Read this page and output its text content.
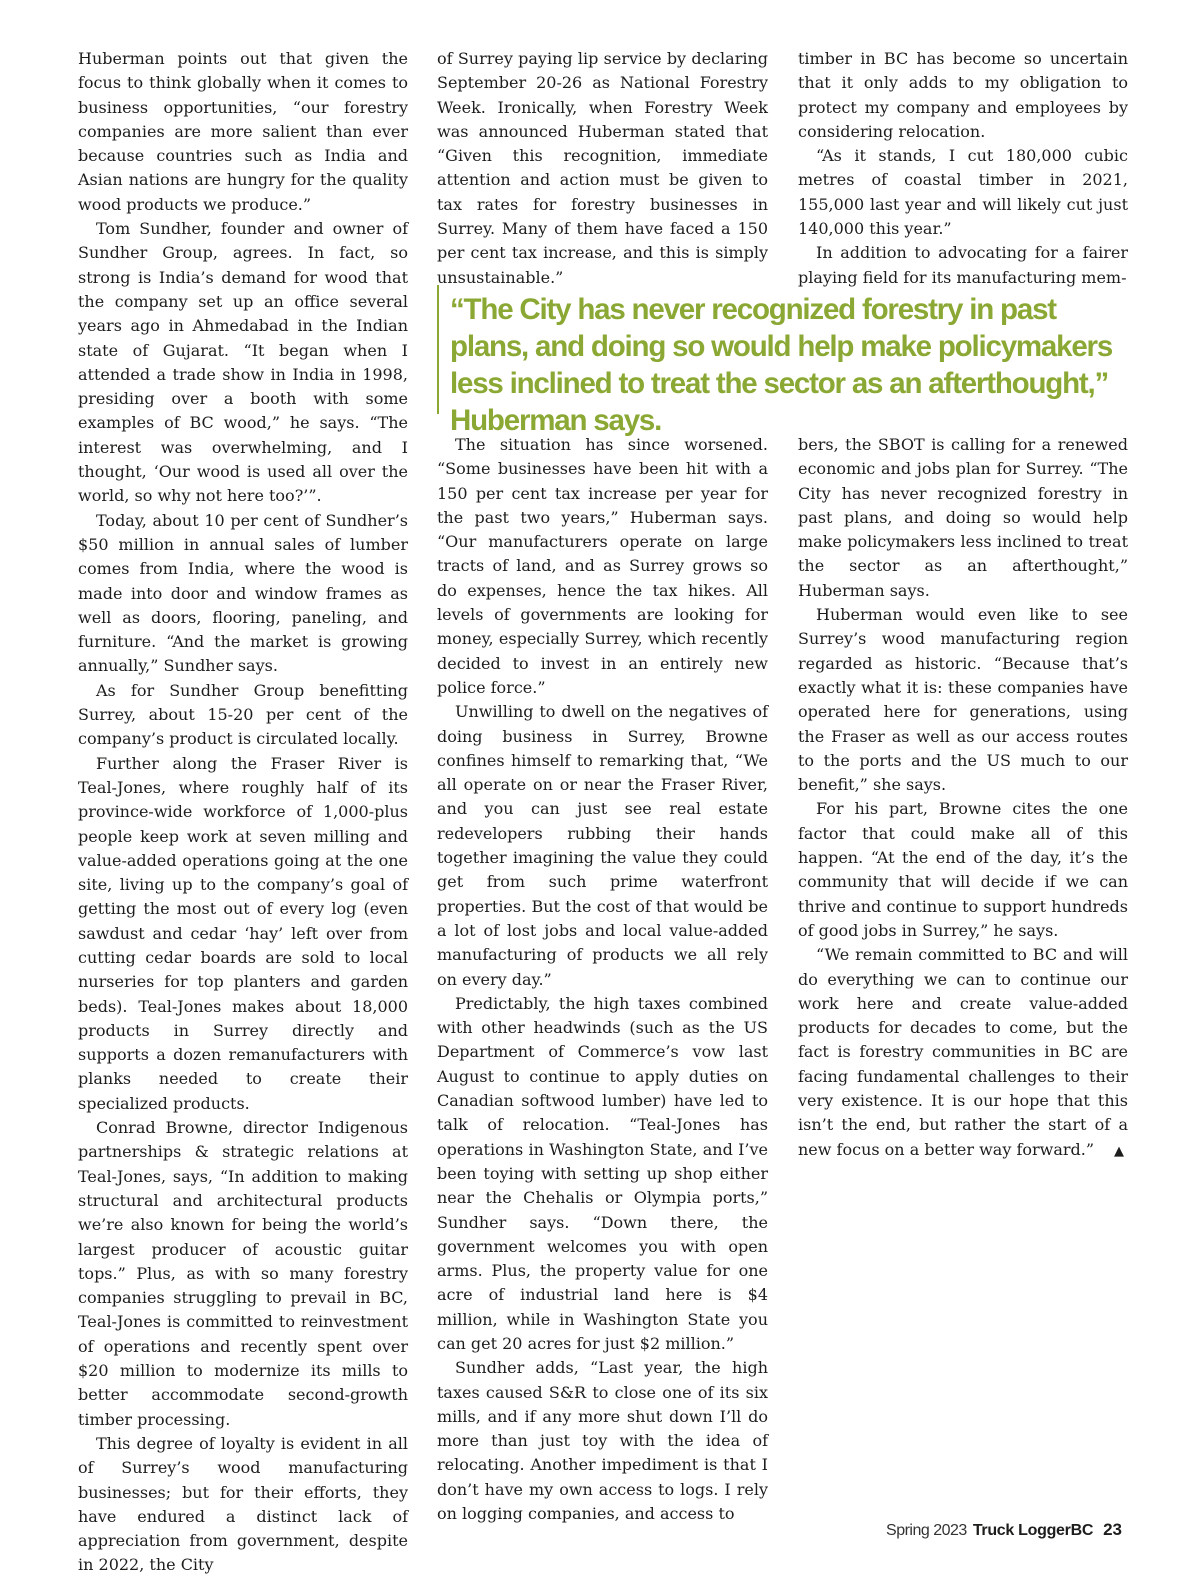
Huberman points out that given the focus to think globally when it comes to business opportunities, “our forestry companies are more salient than ever because countries such as India and Asian nations are hungry for the quality wood products we produce.”

Tom Sundher, founder and owner of Sundher Group, agrees. In fact, so strong is India’s demand for wood that the company set up an office several years ago in Ahmedabad in the Indian state of Gujarat. “It began when I attended a trade show in India in 1998, presiding over a booth with some examples of BC wood,” he says. “The interest was overwhelming, and I thought, ‘Our wood is used all over the world, so why not here too?’”.

Today, about 10 per cent of Sundher’s $50 million in annual sales of lumber comes from India, where the wood is made into door and window frames as well as doors, flooring, paneling, and furniture. “And the market is growing annually,” Sundher says.

As for Sundher Group benefitting Surrey, about 15-20 per cent of the company’s product is circulated locally.

Further along the Fraser River is Teal-Jones, where roughly half of its province-wide workforce of 1,000-plus people keep work at seven milling and value-added operations going at the one site, living up to the company’s goal of getting the most out of every log (even sawdust and cedar ‘hay’ left over from cutting cedar boards are sold to local nurseries for top planters and garden beds). Teal-Jones makes about 18,000 products in Surrey directly and supports a dozen remanufacturers with planks needed to create their specialized products.

Conrad Browne, director Indigenous partnerships & strategic relations at Teal-Jones, says, “In addition to making structural and architectural products we’re also known for being the world’s largest producer of acoustic guitar tops.” Plus, as with so many forestry companies struggling to prevail in BC, Teal-Jones is committed to reinvestment of operations and recently spent over $20 million to modernize its mills to better accommodate second-growth timber processing.

This degree of loyalty is evident in all of Surrey’s wood manufacturing businesses; but for their efforts, they have endured a distinct lack of appreciation from government, despite in 2022, the City

of Surrey paying lip service by declaring September 20-26 as National Forestry Week. Ironically, when Forestry Week was announced Huberman stated that “Given this recognition, immediate attention and action must be given to tax rates for forestry businesses in Surrey. Many of them have faced a 150 per cent tax increase, and this is simply unsustainable.”

timber in BC has become so uncertain that it only adds to my obligation to protect my company and employees by considering relocation.

“As it stands, I cut 180,000 cubic metres of coastal timber in 2021, 155,000 last year and will likely cut just 140,000 this year.”

In addition to advocating for a fairer playing field for its manufacturing mem-

“The City has never recognized forestry in past plans, and doing so would help make policymakers less inclined to treat the sector as an afterthought,” Huberman says.

The situation has since worsened. “Some businesses have been hit with a 150 per cent tax increase per year for the past two years,” Huberman says. “Our manufacturers operate on large tracts of land, and as Surrey grows so do expenses, hence the tax hikes. All levels of governments are looking for money, especially Surrey, which recently decided to invest in an entirely new police force.”

Unwilling to dwell on the negatives of doing business in Surrey, Browne confines himself to remarking that, “We all operate on or near the Fraser River, and you can just see real estate redevelopers rubbing their hands together imagining the value they could get from such prime waterfront properties. But the cost of that would be a lot of lost jobs and local value-added manufacturing of products we all rely on every day.”

Predictably, the high taxes combined with other headwinds (such as the US Department of Commerce’s vow last August to continue to apply duties on Canadian softwood lumber) have led to talk of relocation. “Teal-Jones has operations in Washington State, and I’ve been toying with setting up shop either near the Chehalis or Olympia ports,” Sundher says. “Down there, the government welcomes you with open arms. Plus, the property value for one acre of industrial land here is $4 million, while in Washington State you can get 20 acres for just $2 million.”

Sundher adds, “Last year, the high taxes caused S&R to close one of its six mills, and if any more shut down I’ll do more than just toy with the idea of relocating. Another impediment is that I don’t have my own access to logs. I rely on logging companies, and access to

bers, the SBOT is calling for a renewed economic and jobs plan for Surrey. “The City has never recognized forestry in past plans, and doing so would help make policymakers less inclined to treat the sector as an afterthought,” Huberman says.

Huberman would even like to see Surrey’s wood manufacturing region regarded as historic. “Because that’s exactly what it is: these companies have operated here for generations, using the Fraser as well as our access routes to the ports and the US much to our benefit,” she says.

For his part, Browne cites the one factor that could make all of this happen. “At the end of the day, it’s the community that will decide if we can thrive and continue to support hundreds of good jobs in Surrey,” he says.

“We remain committed to BC and will do everything we can to continue our work here and create value-added products for decades to come, but the fact is forestry communities in BC are facing fundamental challenges to their very existence. It is our hope that this isn’t the end, but rather the start of a new focus on a better way forward.” ▲

Spring 2023 Truck LoggerBC 23
